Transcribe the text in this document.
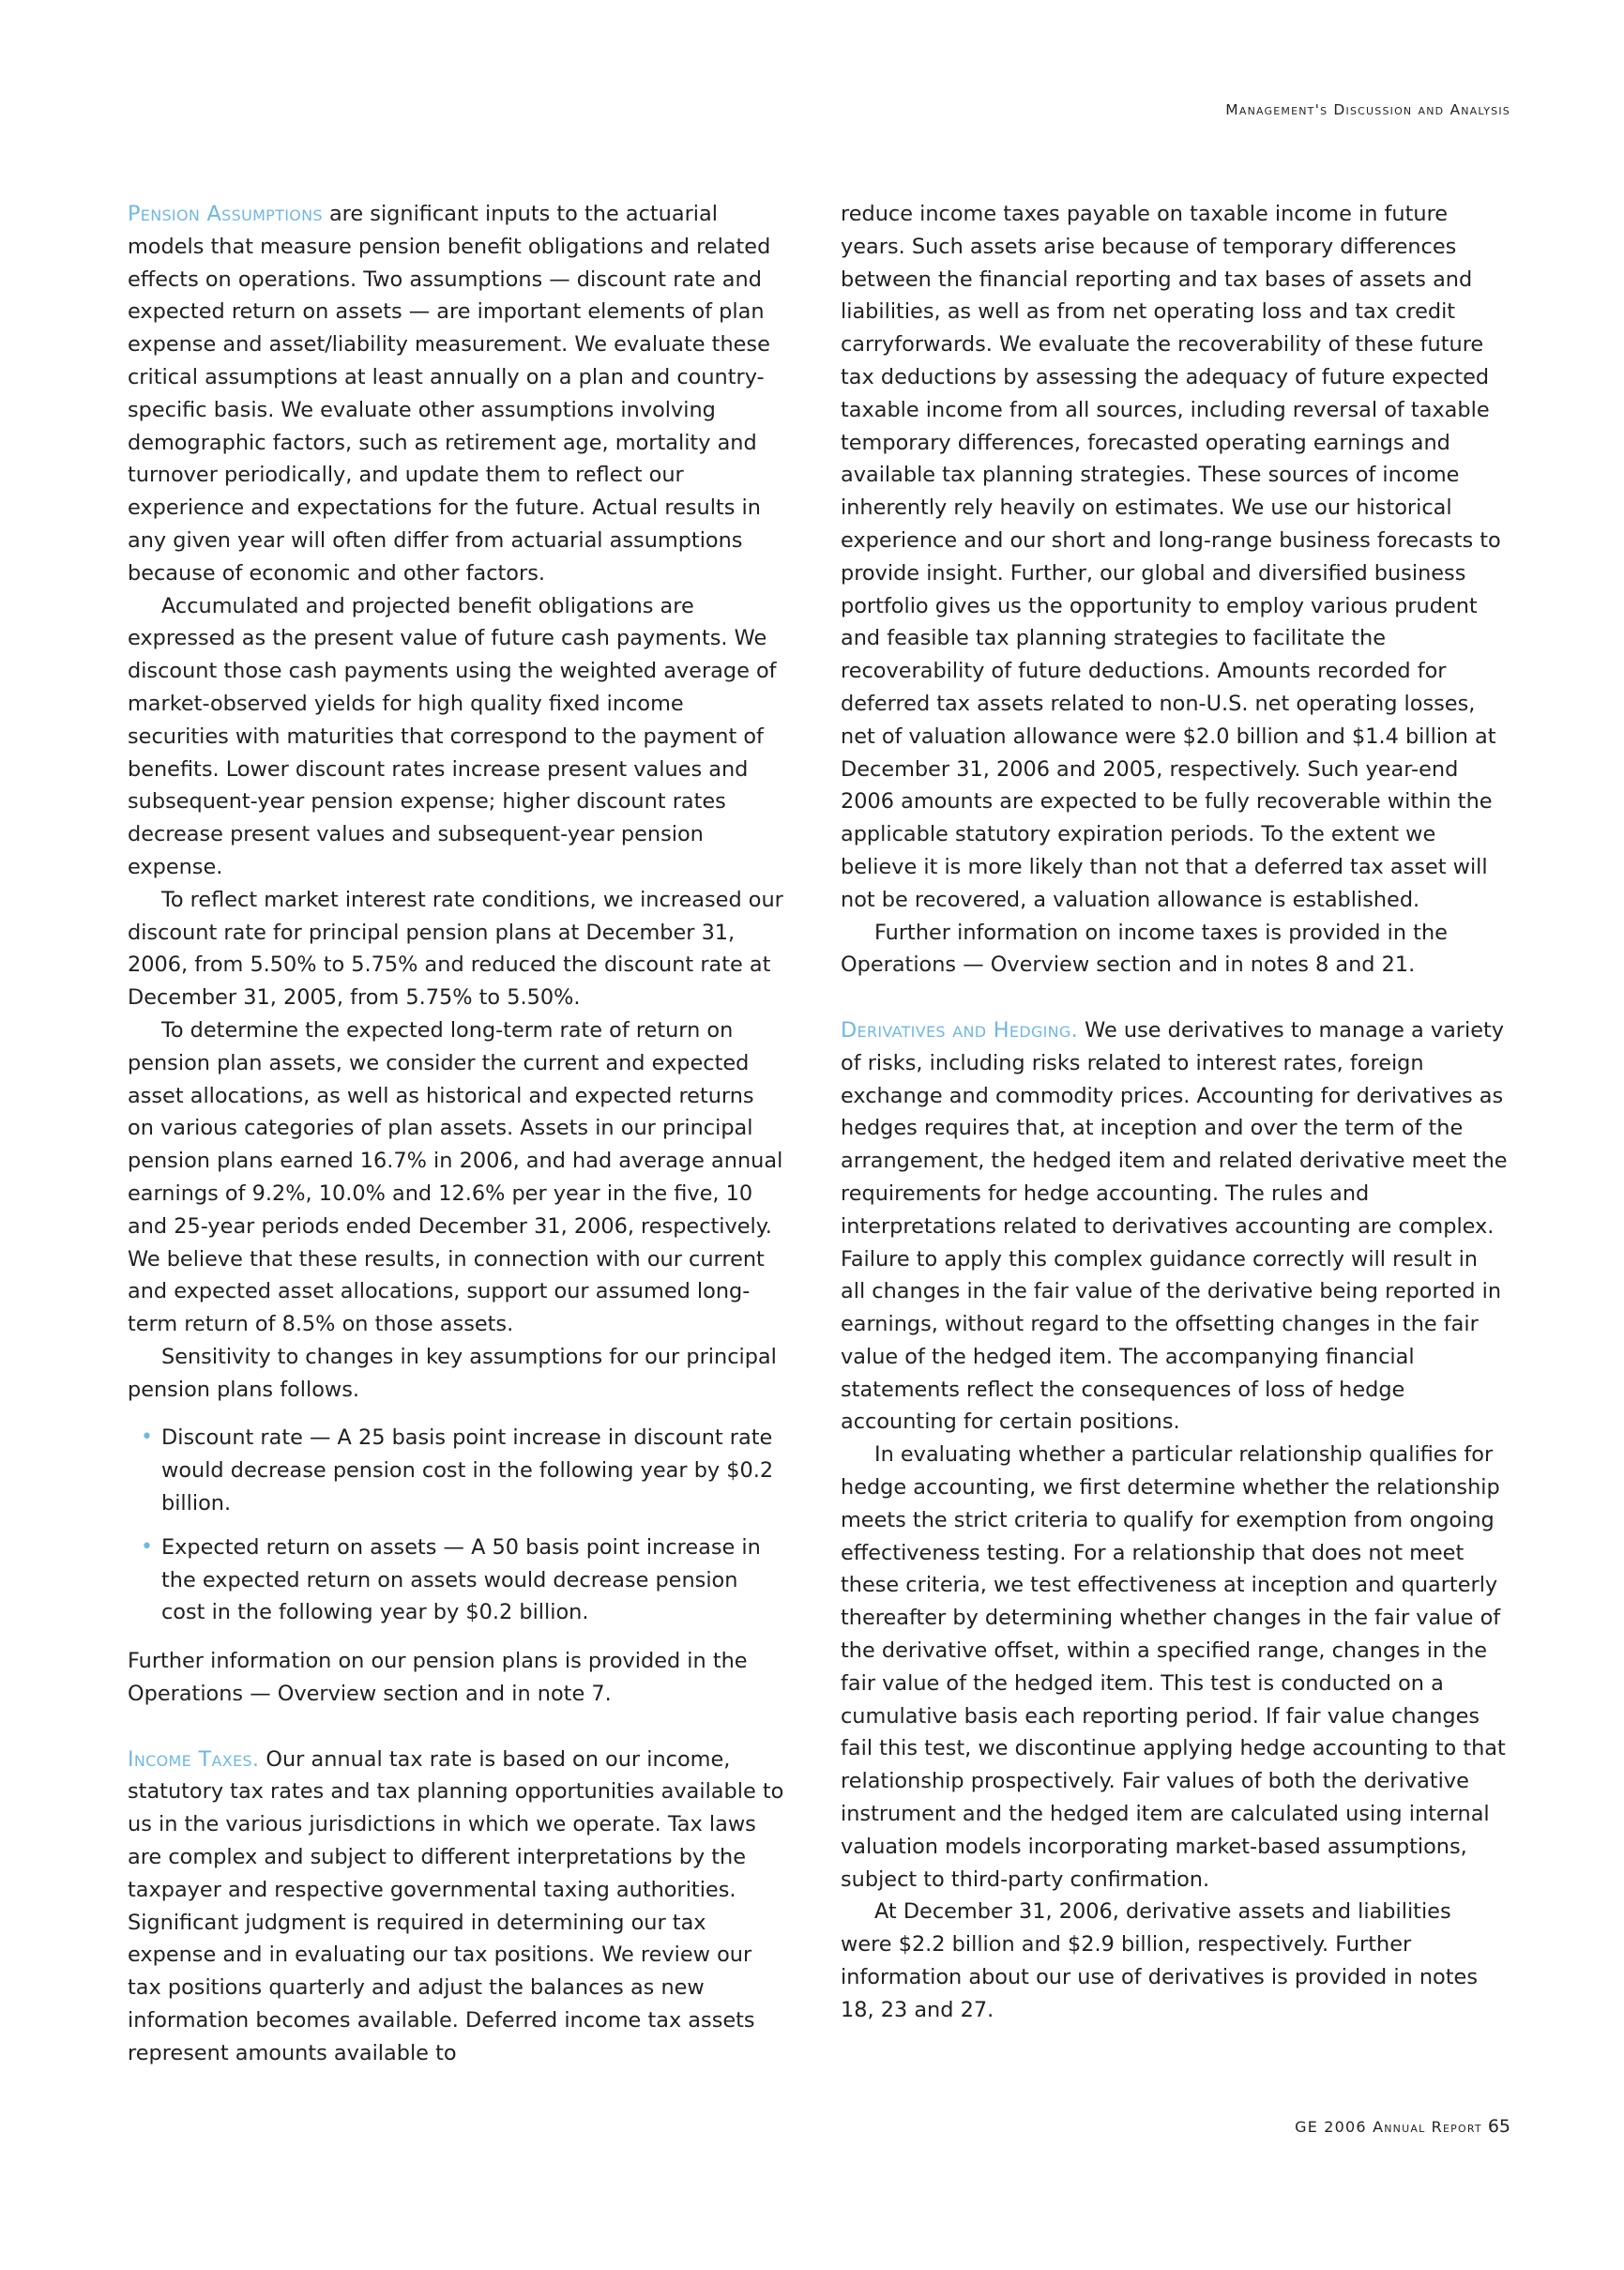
Management's Discussion and Analysis

Pension Assumptions are significant inputs to the actuarial models that measure pension benefit obligations and related effects on operations. Two assumptions — discount rate and expected return on assets — are important elements of plan expense and asset/liability measurement. We evaluate these critical assumptions at least annually on a plan and country-specific basis. We evaluate other assumptions involving demographic factors, such as retirement age, mortality and turnover periodically, and update them to reflect our experience and expectations for the future. Actual results in any given year will often differ from actuarial assumptions because of economic and other factors.

Accumulated and projected benefit obligations are expressed as the present value of future cash payments. We discount those cash payments using the weighted average of market-observed yields for high quality fixed income securities with maturities that correspond to the payment of benefits. Lower discount rates increase present values and subsequent-year pension expense; higher discount rates decrease present values and subsequent-year pension expense.

To reflect market interest rate conditions, we increased our discount rate for principal pension plans at December 31, 2006, from 5.50% to 5.75% and reduced the discount rate at December 31, 2005, from 5.75% to 5.50%.

To determine the expected long-term rate of return on pension plan assets, we consider the current and expected asset allocations, as well as historical and expected returns on various categories of plan assets. Assets in our principal pension plans earned 16.7% in 2006, and had average annual earnings of 9.2%, 10.0% and 12.6% per year in the five, 10 and 25-year periods ended December 31, 2006, respectively. We believe that these results, in connection with our current and expected asset allocations, support our assumed long-term return of 8.5% on those assets.

Sensitivity to changes in key assumptions for our principal pension plans follows.

• Discount rate — A 25 basis point increase in discount rate would decrease pension cost in the following year by $0.2 billion.
• Expected return on assets — A 50 basis point increase in the expected return on assets would decrease pension cost in the following year by $0.2 billion.

Further information on our pension plans is provided in the Operations — Overview section and in note 7.

Income Taxes. Our annual tax rate is based on our income, statutory tax rates and tax planning opportunities available to us in the various jurisdictions in which we operate. Tax laws are complex and subject to different interpretations by the taxpayer and respective governmental taxing authorities. Significant judgment is required in determining our tax expense and in evaluating our tax positions. We review our tax positions quarterly and adjust the balances as new information becomes available. Deferred income tax assets represent amounts available to

reduce income taxes payable on taxable income in future years. Such assets arise because of temporary differences between the financial reporting and tax bases of assets and liabilities, as well as from net operating loss and tax credit carryforwards. We evaluate the recoverability of these future tax deductions by assessing the adequacy of future expected taxable income from all sources, including reversal of taxable temporary differences, forecasted operating earnings and available tax planning strategies. These sources of income inherently rely heavily on estimates. We use our historical experience and our short and long-range business forecasts to provide insight. Further, our global and diversified business portfolio gives us the opportunity to employ various prudent and feasible tax planning strategies to facilitate the recoverability of future deductions. Amounts recorded for deferred tax assets related to non-U.S. net operating losses, net of valuation allowance were $2.0 billion and $1.4 billion at December 31, 2006 and 2005, respectively. Such year-end 2006 amounts are expected to be fully recoverable within the applicable statutory expiration periods. To the extent we believe it is more likely than not that a deferred tax asset will not be recovered, a valuation allowance is established.

Further information on income taxes is provided in the Operations — Overview section and in notes 8 and 21.

Derivatives and Hedging. We use derivatives to manage a variety of risks, including risks related to interest rates, foreign exchange and commodity prices. Accounting for derivatives as hedges requires that, at inception and over the term of the arrangement, the hedged item and related derivative meet the requirements for hedge accounting. The rules and interpretations related to derivatives accounting are complex. Failure to apply this complex guidance correctly will result in all changes in the fair value of the derivative being reported in earnings, without regard to the offsetting changes in the fair value of the hedged item. The accompanying financial statements reflect the consequences of loss of hedge accounting for certain positions.

In evaluating whether a particular relationship qualifies for hedge accounting, we first determine whether the relationship meets the strict criteria to qualify for exemption from ongoing effectiveness testing. For a relationship that does not meet these criteria, we test effectiveness at inception and quarterly thereafter by determining whether changes in the fair value of the derivative offset, within a specified range, changes in the fair value of the hedged item. This test is conducted on a cumulative basis each reporting period. If fair value changes fail this test, we discontinue applying hedge accounting to that relationship prospectively. Fair values of both the derivative instrument and the hedged item are calculated using internal valuation models incorporating market-based assumptions, subject to third-party confirmation.

At December 31, 2006, derivative assets and liabilities were $2.2 billion and $2.9 billion, respectively. Further information about our use of derivatives is provided in notes 18, 23 and 27.

GE 2006 Annual Report 65
